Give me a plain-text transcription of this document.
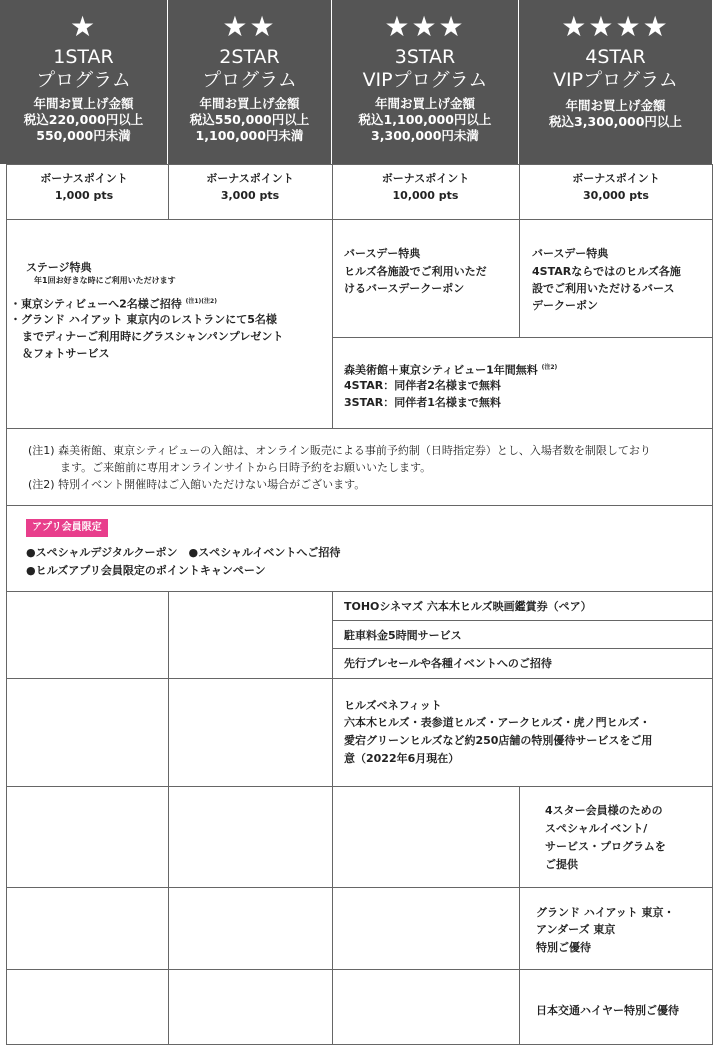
★
1STAR
プログラム
年間お買上げ金額
税込220,000円以上
550,000円未満
★★
2STAR
プログラム
年間お買上げ金額
税込550,000円以上
1,100,000円未満
★★★
3STAR
VIPプログラム
年間お買上げ金額
税込1,100,000円以上
3,300,000円未満
★★★★
4STAR
VIPプログラム
年間お買上げ金額
税込3,300,000円以上
ボーナスポイント
1,000 pts
ボーナスポイント
3,000 pts
ボーナスポイント
10,000 pts
ボーナスポイント
30,000 pts
ステージ特典
年1回お好きな時にご利用いただけます
・東京シティビューへ2名様ご招待 $^{(注1)(注2)}$
・グランド ハイアット 東京内のレストランにて5名様
までディナーご利用時にグラスシャンパンプレゼント
＆フォトサービス
バースデー特典
ヒルズ各施設でご利用いただ
けるバースデークーポン
バースデー特典
4STARならではのヒルズ各施
設でご利用いただけるバース
デークーポン
森美術館＋東京シティビュー1年間無料 $^{(注2)}$
4STAR：同伴者2名様まで無料
3STAR：同伴者1名様まで無料
(注1) 森美術館、東京シティビューの入館は、オンライン販売による事前予約制（日時指定券）とし、入場者数を制限しており
ます。ご来館前に専用オンラインサイトから日時予約をお願いいたします。
(注2) 特別イベント開催時はご入館いただけない場合がございます。
アプリ会員限定
●スペシャルデジタルクーポン　●スペシャルイベントへご招待
●ヒルズアプリ会員限定のポイントキャンペーン
TOHOシネマズ 六本木ヒルズ映画鑑賞券（ペア）
駐車料金5時間サービス
先行プレセールや各種イベントへのご招待
ヒルズベネフィット
六本木ヒルズ・表参道ヒルズ・アークヒルズ・虎ノ門ヒルズ・
愛宕グリーンヒルズなど約250店舗の特別優待サービスをご用
意（2022年6月現在）
4スター会員様のための
スペシャルイベント/
サービス・プログラムを
ご提供
グランド ハイアット 東京・
アンダーズ 東京
特別ご優待
日本交通ハイヤー特別ご優待
